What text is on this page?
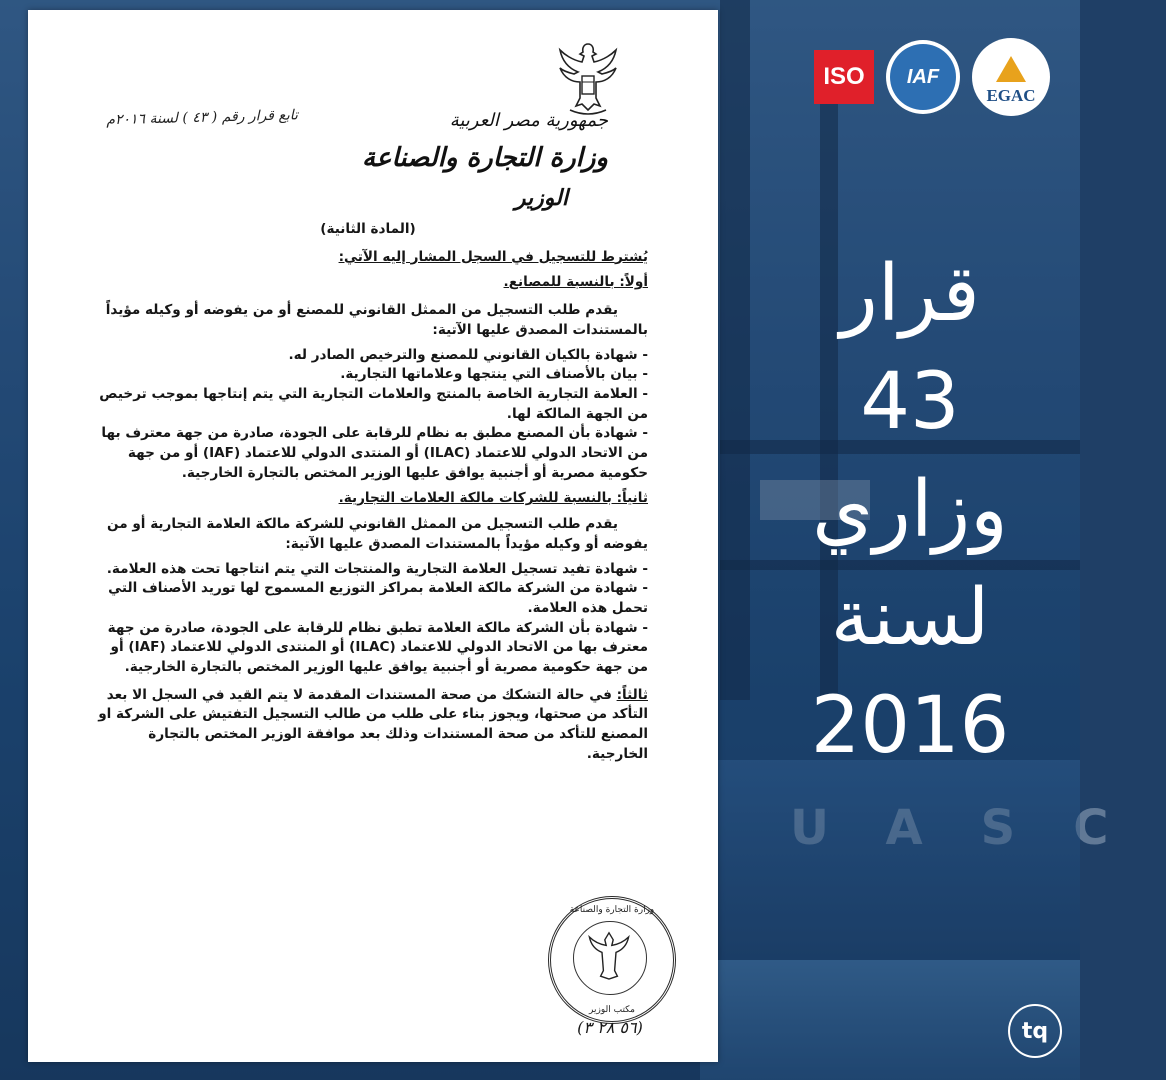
UASC
تابع قرار رقم ( ٤٣ ) لسنة ٢٠١٦م	جمهورية مصر العربية
وزارة التجارة والصناعة
الوزير
(المادة الثانية)

يُشترط للتسجيل في السجل المشار إليه الآتي:

أولاً: بالنسبة للمصانع.

يقدم طلب التسجيل من الممثل القانوني للمصنع أو من يفوضه أو وكيله مؤيداً بالمستندات المصدق عليها الآتية:

- شهادة بالكيان القانوني للمصنع والترخيص الصادر له.
- بيان بالأصناف التي ينتجها وعلاماتها التجارية.
- العلامة التجارية الخاصة بالمنتج والعلامات التجارية التي يتم إنتاجها بموجب ترخيص من الجهة المالكة لها.
- شهادة بأن المصنع مطبق به نظام للرقابة على الجودة، صادرة من جهة معترف بها من الاتحاد الدولي للاعتماد (ILAC) أو المنتدى الدولي للاعتماد (IAF) أو من جهة حكومية مصرية أو أجنبية يوافق عليها الوزير المختص بالتجارة الخارجية.

ثانياً: بالنسبة للشركات مالكة العلامات التجارية.

يقدم طلب التسجيل من الممثل القانوني للشركة مالكة العلامة التجارية أو من يفوضه أو وكيله مؤيداً بالمستندات المصدق عليها الآتية:

- شهادة تفيد تسجيل العلامة التجارية والمنتجات التي يتم انتاجها تحت هذه العلامة.
- شهادة من الشركة مالكة العلامة بمراكز التوزيع المسموح لها توريد الأصناف التي تحمل هذه العلامة.
- شهادة بأن الشركة مالكة العلامة تطبق نظام للرقابة على الجودة، صادرة من جهة معترف بها من الاتحاد الدولي للاعتماد (ILAC) أو المنتدى الدولي للاعتماد (IAF) أو من جهة حكومية مصرية أو أجنبية يوافق عليها الوزير المختص بالتجارة الخارجية.

ثالثاً: في حالة التشكك من صحة المستندات المقدمة لا يتم القيد في السجل الا بعد التأكد من صحتها، ويجوز بناء على طلب من طالب التسجيل التفتيش على الشركة او المصنع للتأكد من صحة المستندات وذلك بعد موافقة الوزير المختص بالتجارة الخارجية.

وزارة التجارة والصناعة
مكتب الوزير
(٥٦ ٢٨ ٣)
ISO IAF
EGAC
قرار
43
وزاري
لسنة
2016
tq
